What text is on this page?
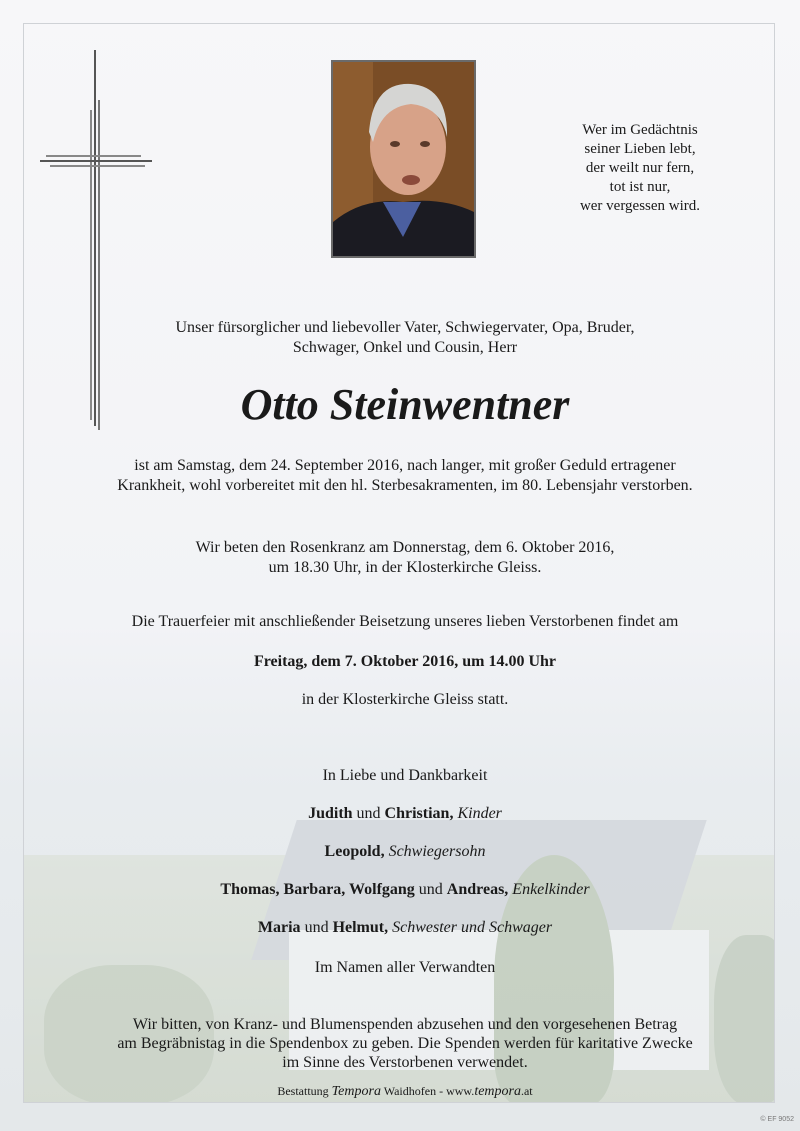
Wer im Gedächtnis
seiner Lieben lebt,
der weilt nur fern,
tot ist nur,
wer vergessen wird.
Unser fürsorglicher und liebevoller Vater, Schwiegervater, Opa, Bruder,
Schwager, Onkel und Cousin, Herr
Otto Steinwentner
ist am Samstag, dem 24. September 2016, nach langer, mit großer Geduld ertragener
Krankheit, wohl vorbereitet mit den hl. Sterbesakramenten, im 80. Lebensjahr verstorben.
Wir beten den Rosenkranz am Donnerstag, dem 6. Oktober 2016,
um 18.30 Uhr, in der Klosterkirche Gleiss.
Die Trauerfeier mit anschließender Beisetzung unseres lieben Verstorbenen findet am
Freitag, dem 7. Oktober 2016, um 14.00 Uhr
in der Klosterkirche Gleiss statt.
In Liebe und Dankbarkeit
Judith und Christian, Kinder
Leopold, Schwiegersohn
Thomas, Barbara, Wolfgang und Andreas, Enkelkinder
Maria und Helmut, Schwester und Schwager
Im Namen aller Verwandten
Wir bitten, von Kranz- und Blumenspenden abzusehen und den vorgesehenen Betrag
am Begräbnistag in die Spendenbox zu geben. Die Spenden werden für karitative Zwecke
im Sinne des Verstorbenen verwendet.
Bestattung Tempora Waidhofen - www.tempora.at
© EF 9052
